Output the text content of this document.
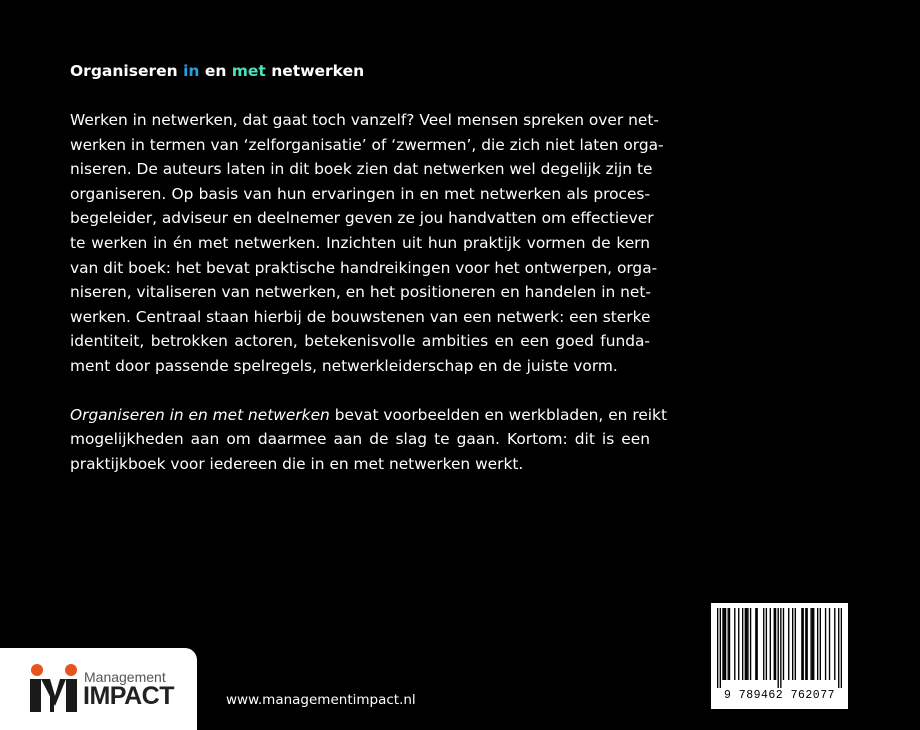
Organiseren in en met netwerken
Werken in netwerken, dat gaat toch vanzelf? Veel mensen spreken over net-
werken in termen van ‘zelforganisatie’ of ‘zwermen’, die zich niet laten orga-
niseren. De auteurs laten in dit boek zien dat netwerken wel degelijk zijn te
organiseren. Op basis van hun ervaringen in en met netwerken als proces-
begeleider, adviseur en deelnemer geven ze jou handvatten om effectiever
te werken in én met netwerken. Inzichten uit hun praktijk vormen de kern
van dit boek: het bevat praktische handreikingen voor het ontwerpen, orga-
niseren, vitaliseren van netwerken, en het positioneren en handelen in net-
werken. Centraal staan hierbij de bouwstenen van een netwerk: een sterke
identiteit, betrokken actoren, betekenisvolle ambities en een goed funda-
ment door passende spelregels, netwerkleiderschap en de juiste vorm.
Organiseren in en met netwerken bevat voorbeelden en werkbladen, en reikt
mogelijkheden aan om daarmee aan de slag te gaan. Kortom: dit is een
praktijkboek voor iedereen die in en met netwerken werkt.
9 789462 762077
Management
IMPACT	www.managementimpact.nl
